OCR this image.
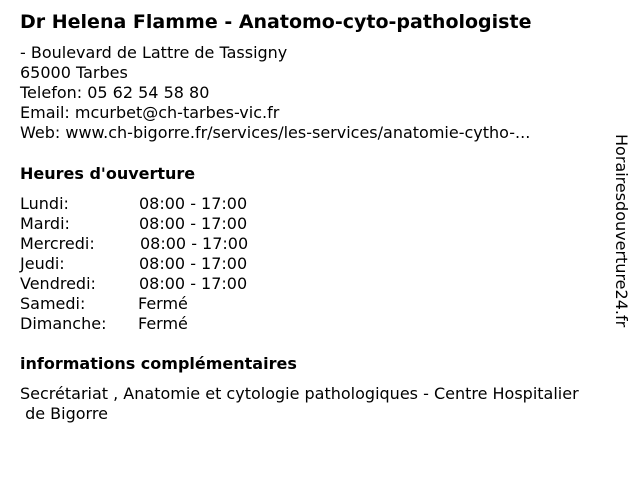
Dr Helena Flamme - Anatomo-cyto-pathologiste
- Boulevard de Lattre de Tassigny
65000 Tarbes
Telefon: 05 62 54 58 80
Email: mcurbet@ch-tarbes-vic.fr
Web: www.ch-bigorre.fr/services/les-services/anatomie-cytho-...
Heures d'ouverture
Lundi:	08:00 - 17:00
Mardi:	08:00 - 17:00
Mercredi:	08:00 - 17:00
Jeudi:	08:00 - 17:00
Vendredi:	08:00 - 17:00
Samedi:	Fermé
Dimanche: Fermé
informations complémentaires
Secrétariat , Anatomie et cytologie pathologiques - Centre Hospitalier
de Bigorre
Horairesdouverture24.fr
